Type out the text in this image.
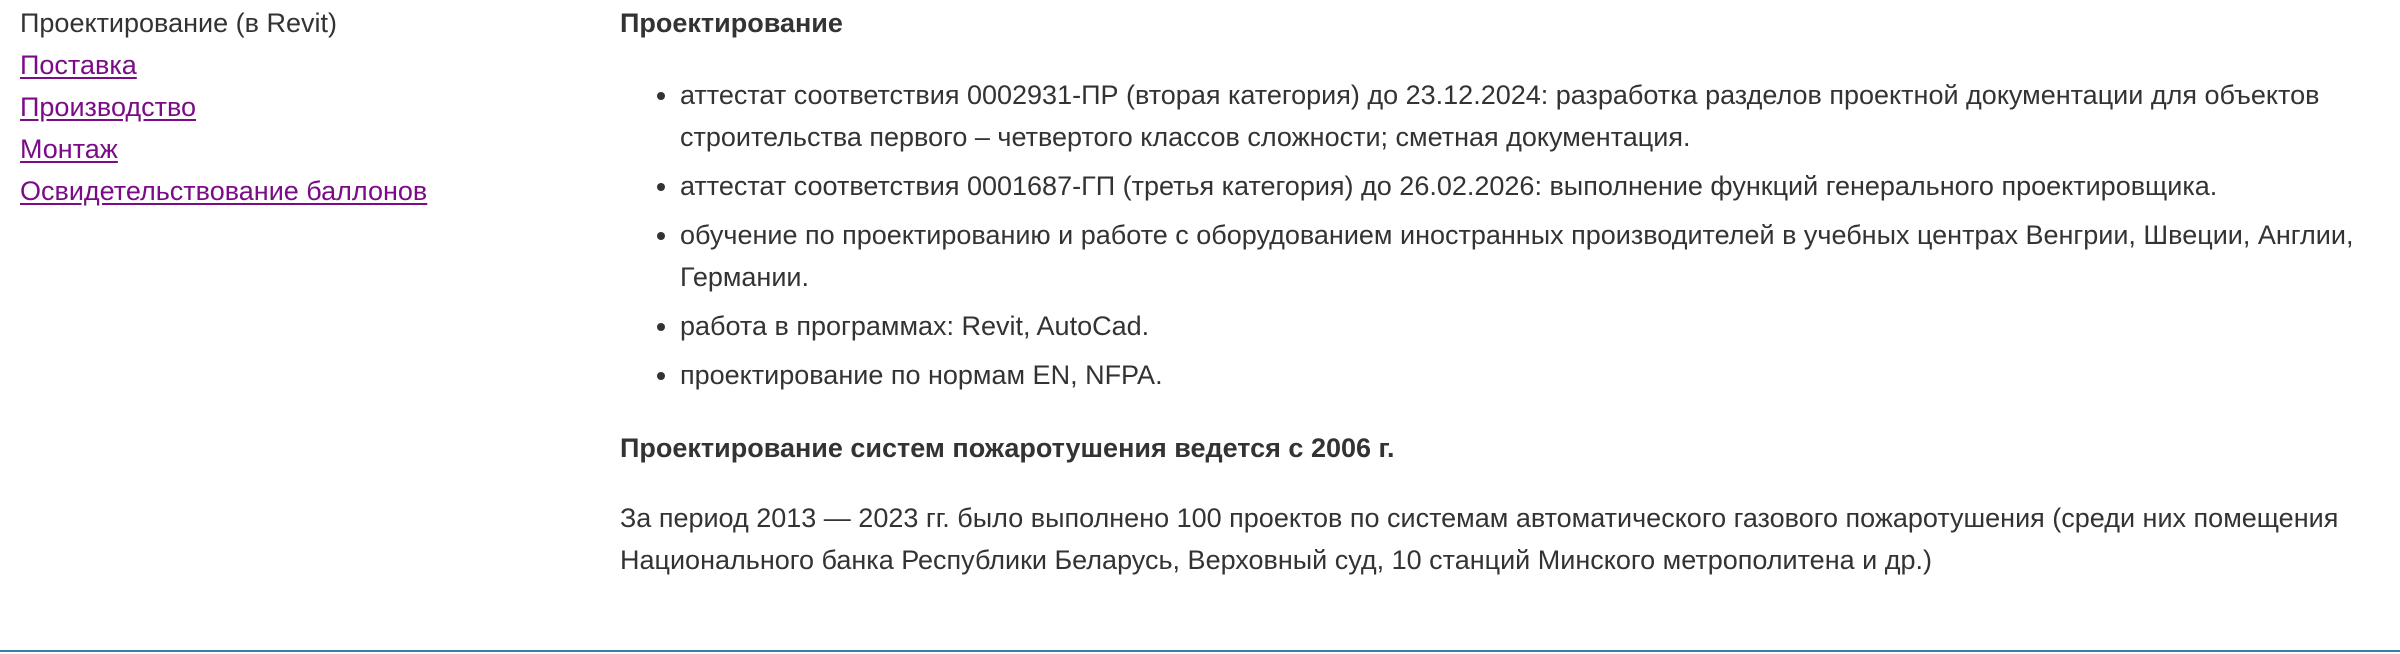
Проектирование (в Revit)
Поставка
Производство
Монтаж
Освидетельствование баллонов
Проектирование
• аттестат соответствия 0002931-ПР (вторая категория) до 23.12.2024: разработка разделов проектной документации для объектов строительства первого – четвертого классов сложности; сметная документация.
• аттестат соответствия 0001687-ГП (третья категория) до 26.02.2026: выполнение функций генерального проектировщика.
• обучение по проектированию и работе с оборудованием иностранных производителей в учебных центрах Венгрии, Швеции, Англии, Германии.
• работа в программах: Revit, AutoCad.
• проектирование по нормам EN, NFPA.

Проектирование систем пожаротушения ведется с 2006 г.

За период 2013 — 2023 гг. было выполнено 100 проектов по системам автоматического газового пожаротушения (среди них помещения Национального банка Республики Беларусь, Верховный суд, 10 станций Минского метрополитена и др.)
